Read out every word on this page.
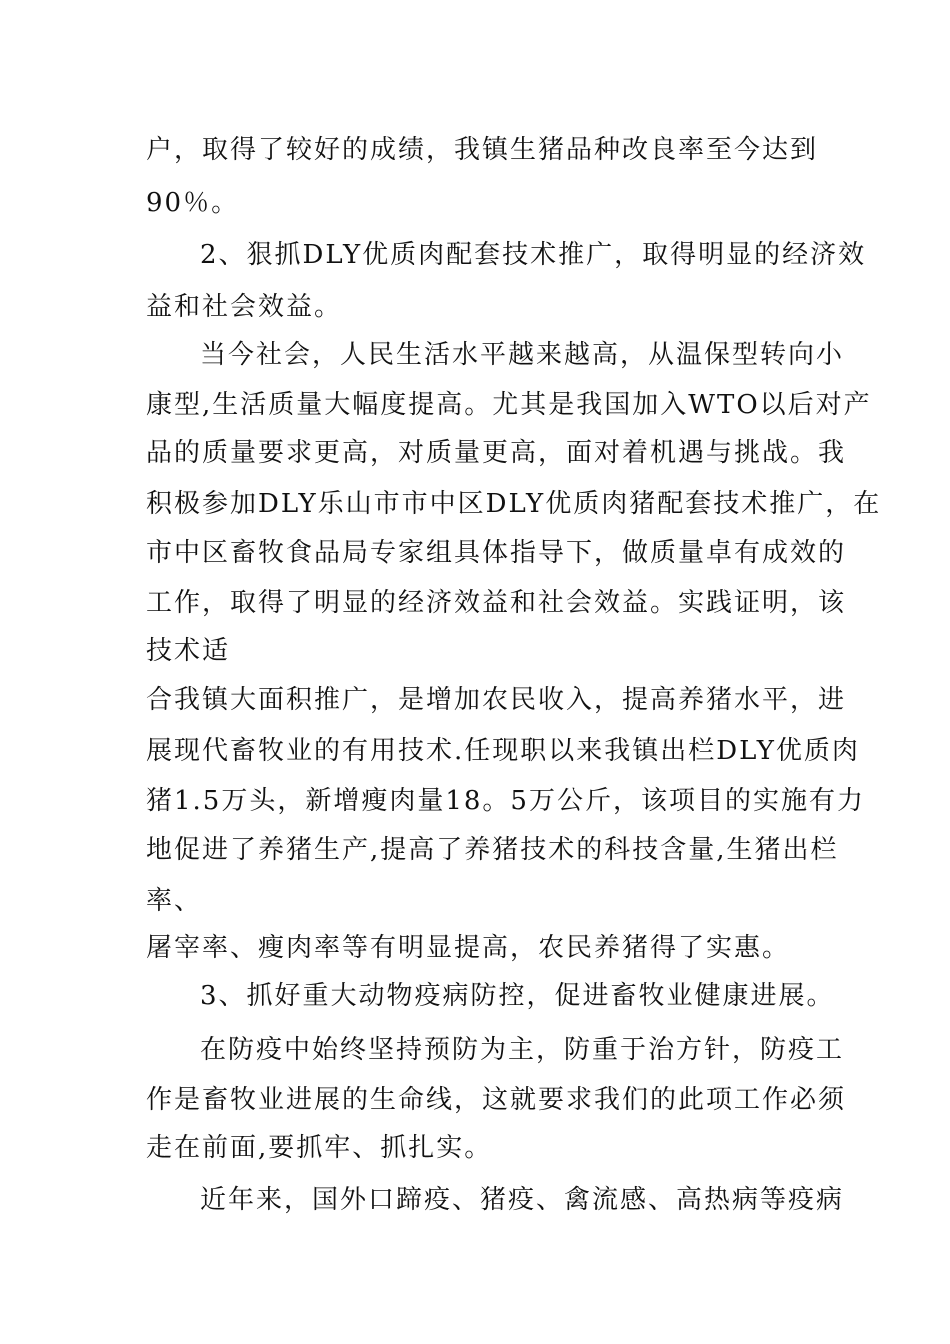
户，取得了较好的成绩，我镇生猪品种改良率至今达到
90％。
2、狠抓DLY优质肉配套技术推广，取得明显的经济效
益和社会效益。
当今社会，人民生活水平越来越高，从温保型转向小
康型,生活质量大幅度提高。尤其是我国加入WTO以后对产
品的质量要求更高，对质量更高，面对着机遇与挑战。我
积极参加DLY乐山市市中区DLY优质肉猪配套技术推广，在
市中区畜牧食品局专家组具体指导下，做质量卓有成效的
工作，取得了明显的经济效益和社会效益。实践证明，该
技术适
合我镇大面积推广，是增加农民收入，提高养猪水平，进
展现代畜牧业的有用技术.任现职以来我镇出栏DLY优质肉
猪1.5万头，新增瘦肉量18。5万公斤，该项目的实施有力
地促进了养猪生产,提高了养猪技术的科技含量,生猪出栏
率、
屠宰率、瘦肉率等有明显提高，农民养猪得了实惠。
3、抓好重大动物疫病防控，促进畜牧业健康进展。
在防疫中始终坚持预防为主，防重于治方针，防疫工
作是畜牧业进展的生命线，这就要求我们的此项工作必须
走在前面,要抓牢、抓扎实。
近年来，国外口蹄疫、猪疫、禽流感、高热病等疫病
